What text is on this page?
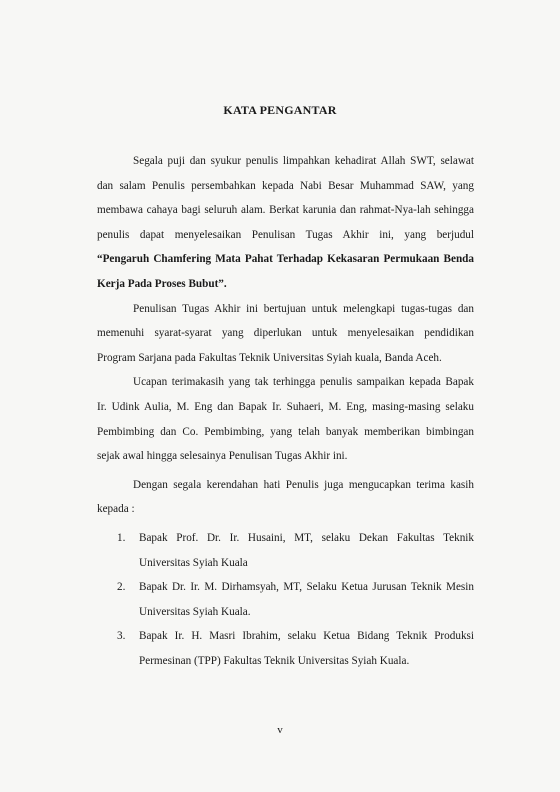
KATA PENGANTAR
Segala puji dan syukur penulis limpahkan kehadirat Allah SWT, selawat
dan salam Penulis persembahkan kepada Nabi Besar Muhammad SAW, yang
membawa cahaya bagi seluruh alam. Berkat karunia dan rahmat-Nya-lah sehingga
penulis dapat menyelesaikan Penulisan Tugas Akhir ini, yang berjudul
“Pengaruh Chamfering Mata Pahat Terhadap Kekasaran Permukaan Benda
Kerja Pada Proses Bubut”.
Penulisan Tugas Akhir ini bertujuan untuk melengkapi tugas-tugas dan
memenuhi syarat-syarat yang diperlukan untuk menyelesaikan pendidikan
Program Sarjana pada Fakultas Teknik Universitas Syiah kuala, Banda Aceh.
Ucapan terimakasih yang tak terhingga penulis sampaikan kepada Bapak
Ir. Udink Aulia, M. Eng dan Bapak Ir. Suhaeri, M. Eng, masing-masing selaku
Pembimbing dan Co. Pembimbing, yang telah banyak memberikan bimbingan
sejak awal hingga selesainya Penulisan Tugas Akhir ini.
Dengan segala kerendahan hati Penulis juga mengucapkan terima kasih
kepada :
1. Bapak Prof. Dr. Ir. Husaini, MT, selaku Dekan Fakultas Teknik
Universitas Syiah Kuala
2. Bapak Dr. Ir. M. Dirhamsyah, MT, Selaku Ketua Jurusan Teknik Mesin
Universitas Syiah Kuala.
3. Bapak Ir. H. Masri Ibrahim, selaku Ketua Bidang Teknik Produksi
Permesinan (TPP) Fakultas Teknik Universitas Syiah Kuala.
v
